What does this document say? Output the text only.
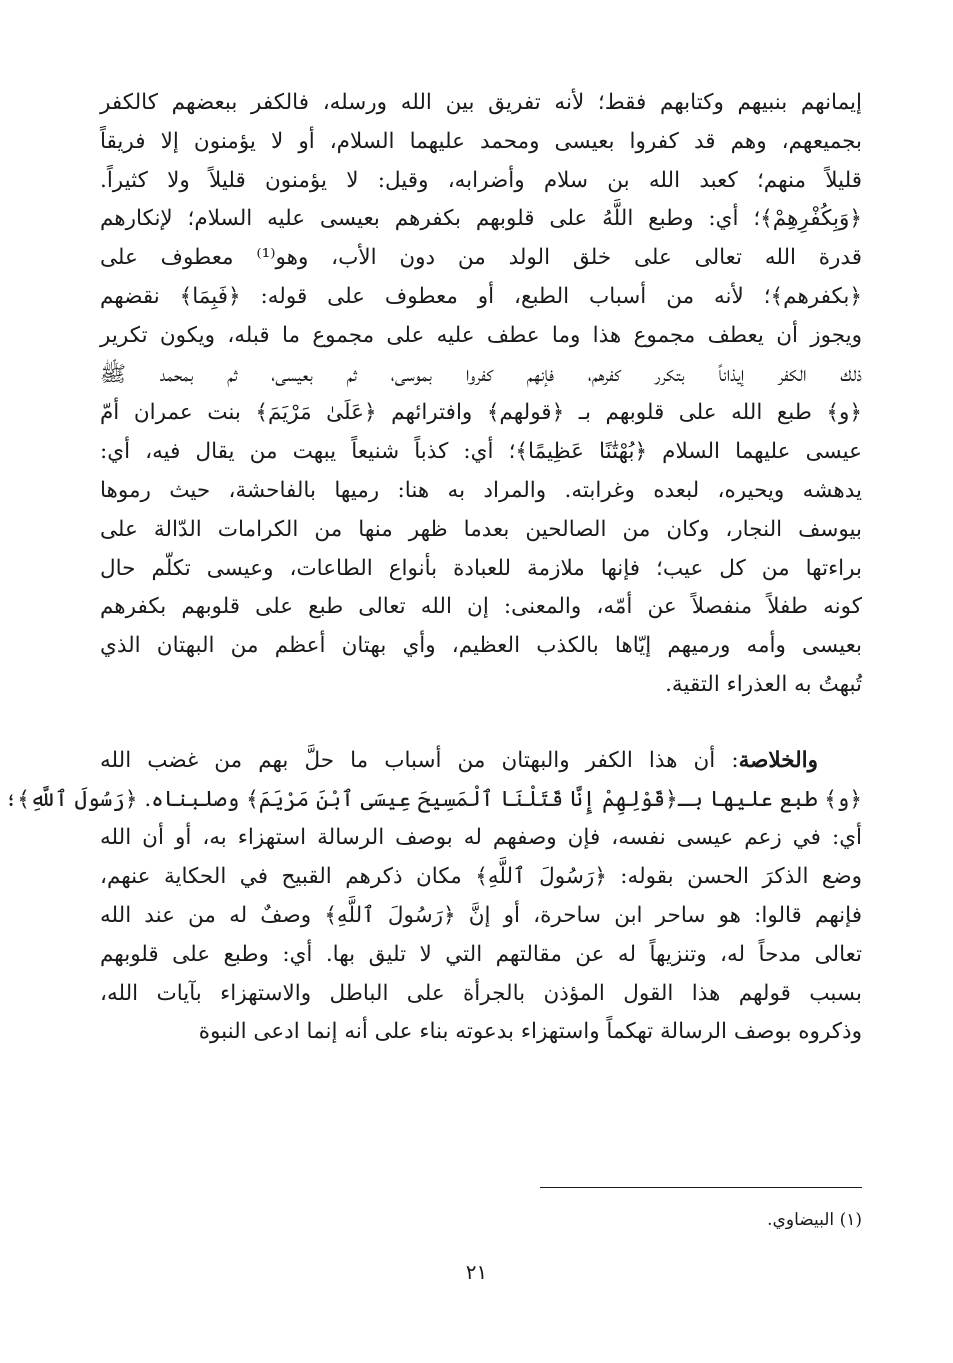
إيمانهم بنبيهم وكتابهم فقط؛ لأنه تفريق بين الله ورسله، فالكفر ببعضهم كالكفر
بجميعهم، وهم قد كفروا بعيسى ومحمد عليهما السلام، أو لا يؤمنون إلا فريقاً
قليلاً منهم؛ كعبد الله بن سلام وأضرابه، وقيل: لا يؤمنون قليلاً ولا كثيراً.
﴿وَبِكُفْرِهِمْ﴾؛ أي: وطبع اللَّهُ على قلوبهم بكفرهم بعيسى عليه السلام؛ لإنكارهم
قدرة الله تعالى على خلق الولد من دون الأب، وهو⁽¹⁾ معطوف على
﴿بكفرهم﴾؛ لأنه من أسباب الطبع، أو معطوف على قوله: ﴿فَبِمَا﴾ نقضهم
ويجوز أن يعطف مجموع هذا وما عطف عليه على مجموع ما قبله، ويكون تكرير
ذلك الكفر إيذاناً بتكرر كفرهم، فإنهم كفروا بموسى، ثم بعيسى، ثم بمحمد ﷺ
﴿و﴾ طبع الله على قلوبهم بـ ﴿قولهم﴾ وافترائهم ﴿عَلَىٰ مَرْيَمَ﴾ بنت عمران أمّ
عيسى عليهما السلام ﴿بُهْتَٰنًا عَظِيمًا﴾؛ أي: كذباً شنيعاً يبهت من يقال فيه، أي:
يدهشه ويحيره، لبعده وغرابته. والمراد به هنا: رميها بالفاحشة، حيث رموها
بيوسف النجار، وكان من الصالحين بعدما ظهر منها من الكرامات الدّالة على
براءتها من كل عيب؛ فإنها ملازمة للعبادة بأنواع الطاعات، وعيسى تكلّم حال
كونه طفلاً منفصلاً عن أمّه، والمعنى: إن الله تعالى طبع على قلوبهم بكفرهم
بعيسى وأمه ورميهم إيّاها بالكذب العظيم، وأي بهتان أعظم من البهتان الذي
تُبهتُ به العذراء التقية.
والخلاصة: أن هذا الكفر والبهتان من أسباب ما حلَّ بهم من غضب الله
﴿و﴾ طبع عليها بـ﴿قَوْلِهِمْ إِنَّا قَتَلْنَا ٱلْمَسِيحَ عِيسَى ٱبْنَ مَرْيَمَ﴾ وصلبناه. ﴿رَسُولَ ٱللَّهِ﴾؛
أي: في زعم عيسى نفسه، فإن وصفهم له بوصف الرسالة استهزاء به، أو أن الله
وضع الذكرَ الحسن بقوله: ﴿رَسُولَ ٱللَّهِ﴾ مكان ذكرهم القبيح في الحكاية عنهم،
فإنهم قالوا: هو ساحر ابن ساحرة، أو إنَّ ﴿رَسُولَ ٱللَّهِ﴾ وصفٌ له من عند الله
تعالى مدحاً له، وتنزيهاً له عن مقالتهم التي لا تليق بها. أي: وطبع على قلوبهم
بسبب قولهم هذا القول المؤذن بالجرأة على الباطل والاستهزاء بآيات الله،
وذكروه بوصف الرسالة تهكماً واستهزاء بدعوته بناء على أنه إنما ادعى النبوة
(١) البيضاوي.
٢١
